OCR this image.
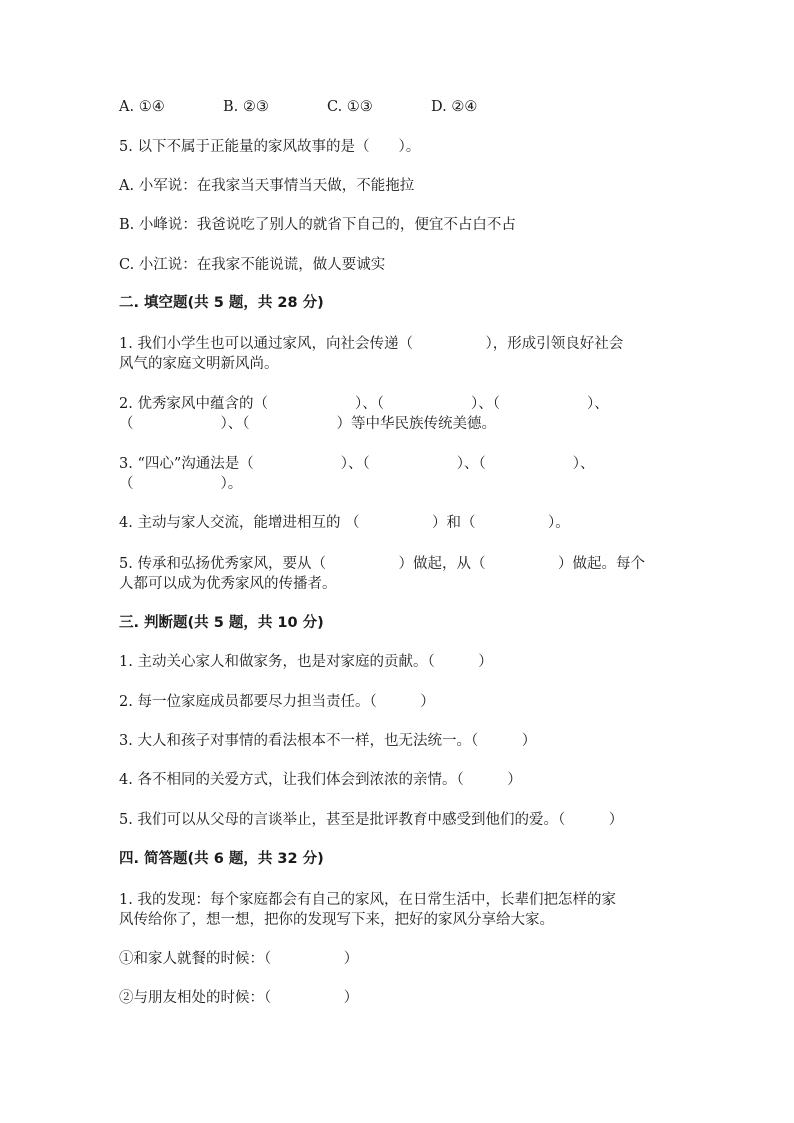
A. ①④	B. ②③	C. ①③	D. ②④
5. 以下不属于正能量的家风故事的是（　　）。
A. 小军说：在我家当天事情当天做，不能拖拉
B. 小峰说：我爸说吃了别人的就省下自己的，便宜不占白不占
C. 小江说：在我家不能说谎，做人要诚实
二. 填空题(共 5 题，共 28 分)
1. 我们小学生也可以通过家风，向社会传递（　　　　　），形成引领良好社会
风气的家庭文明新风尚。
2. 优秀家风中蕴含的（　　　　　　）、（　　　　　　）、（　　　　　　）、
（　　　　　　）、（　　　　　　）等中华民族传统美德。
3. “四心”沟通法是（　　　　　　）、（　　　　　　）、（　　　　　　）、
（　　　　　　）。
4. 主动与家人交流，能增进相互的 （　　　　　）和（　　　　　）。
5. 传承和弘扬优秀家风，要从（　　　　　）做起，从（　　　　　）做起。每个
人都可以成为优秀家风的传播者。
三. 判断题(共 5 题，共 10 分)
1. 主动关心家人和做家务，也是对家庭的贡献。（　　　）
2. 每一位家庭成员都要尽力担当责任。（　　　）
3. 大人和孩子对事情的看法根本不一样，也无法统一。（　　　）
4. 各不相同的关爱方式，让我们体会到浓浓的亲情。（　　　）
5. 我们可以从父母的言谈举止，甚至是批评教育中感受到他们的爱。（　　　）
四. 简答题(共 6 题，共 32 分)
1. 我的发现：每个家庭都会有自己的家风，在日常生活中，长辈们把怎样的家
风传给你了，想一想，把你的发现写下来，把好的家风分享给大家。
①和家人就餐的时候：（　　　　　）
②与朋友相处的时候：（　　　　　）
